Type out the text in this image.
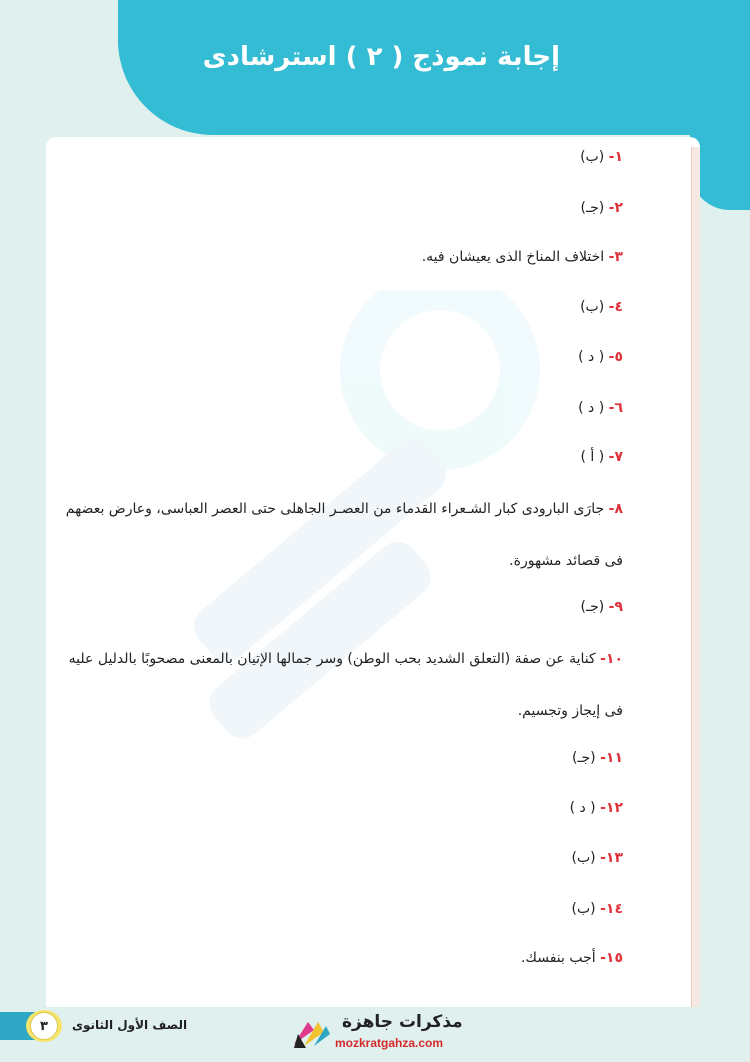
إجابة نموذج ( ٢ ) استرشادى
١- (ب)
٢- (جـ)
٣- اختلاف المناخ الذى يعيشان فيه.
٤- (ب)
٥- ( د )
٦- ( د )
٧- ( أ )
٨- جارَى البارودى كبار الشـعراء القدماء من العصـر الجاهلى حتى العصر العباسى، وعارض بعضهم فى قصائد مشهورة.
٩- (جـ)
١٠- كناية عن صفة (التعلق الشديد بحب الوطن) وسر جمالها الإتيان بالمعنى مصحوبًا بالدليل عليه فى إيجاز وتجسيم.
١١- (جـ)
١٢- ( د )
١٣- (ب)
١٤- (ب)
١٥- أجب بنفسك.
٣	الصف الأول الثانوى	مذكرات جاهزة
mozkratgahza.com
